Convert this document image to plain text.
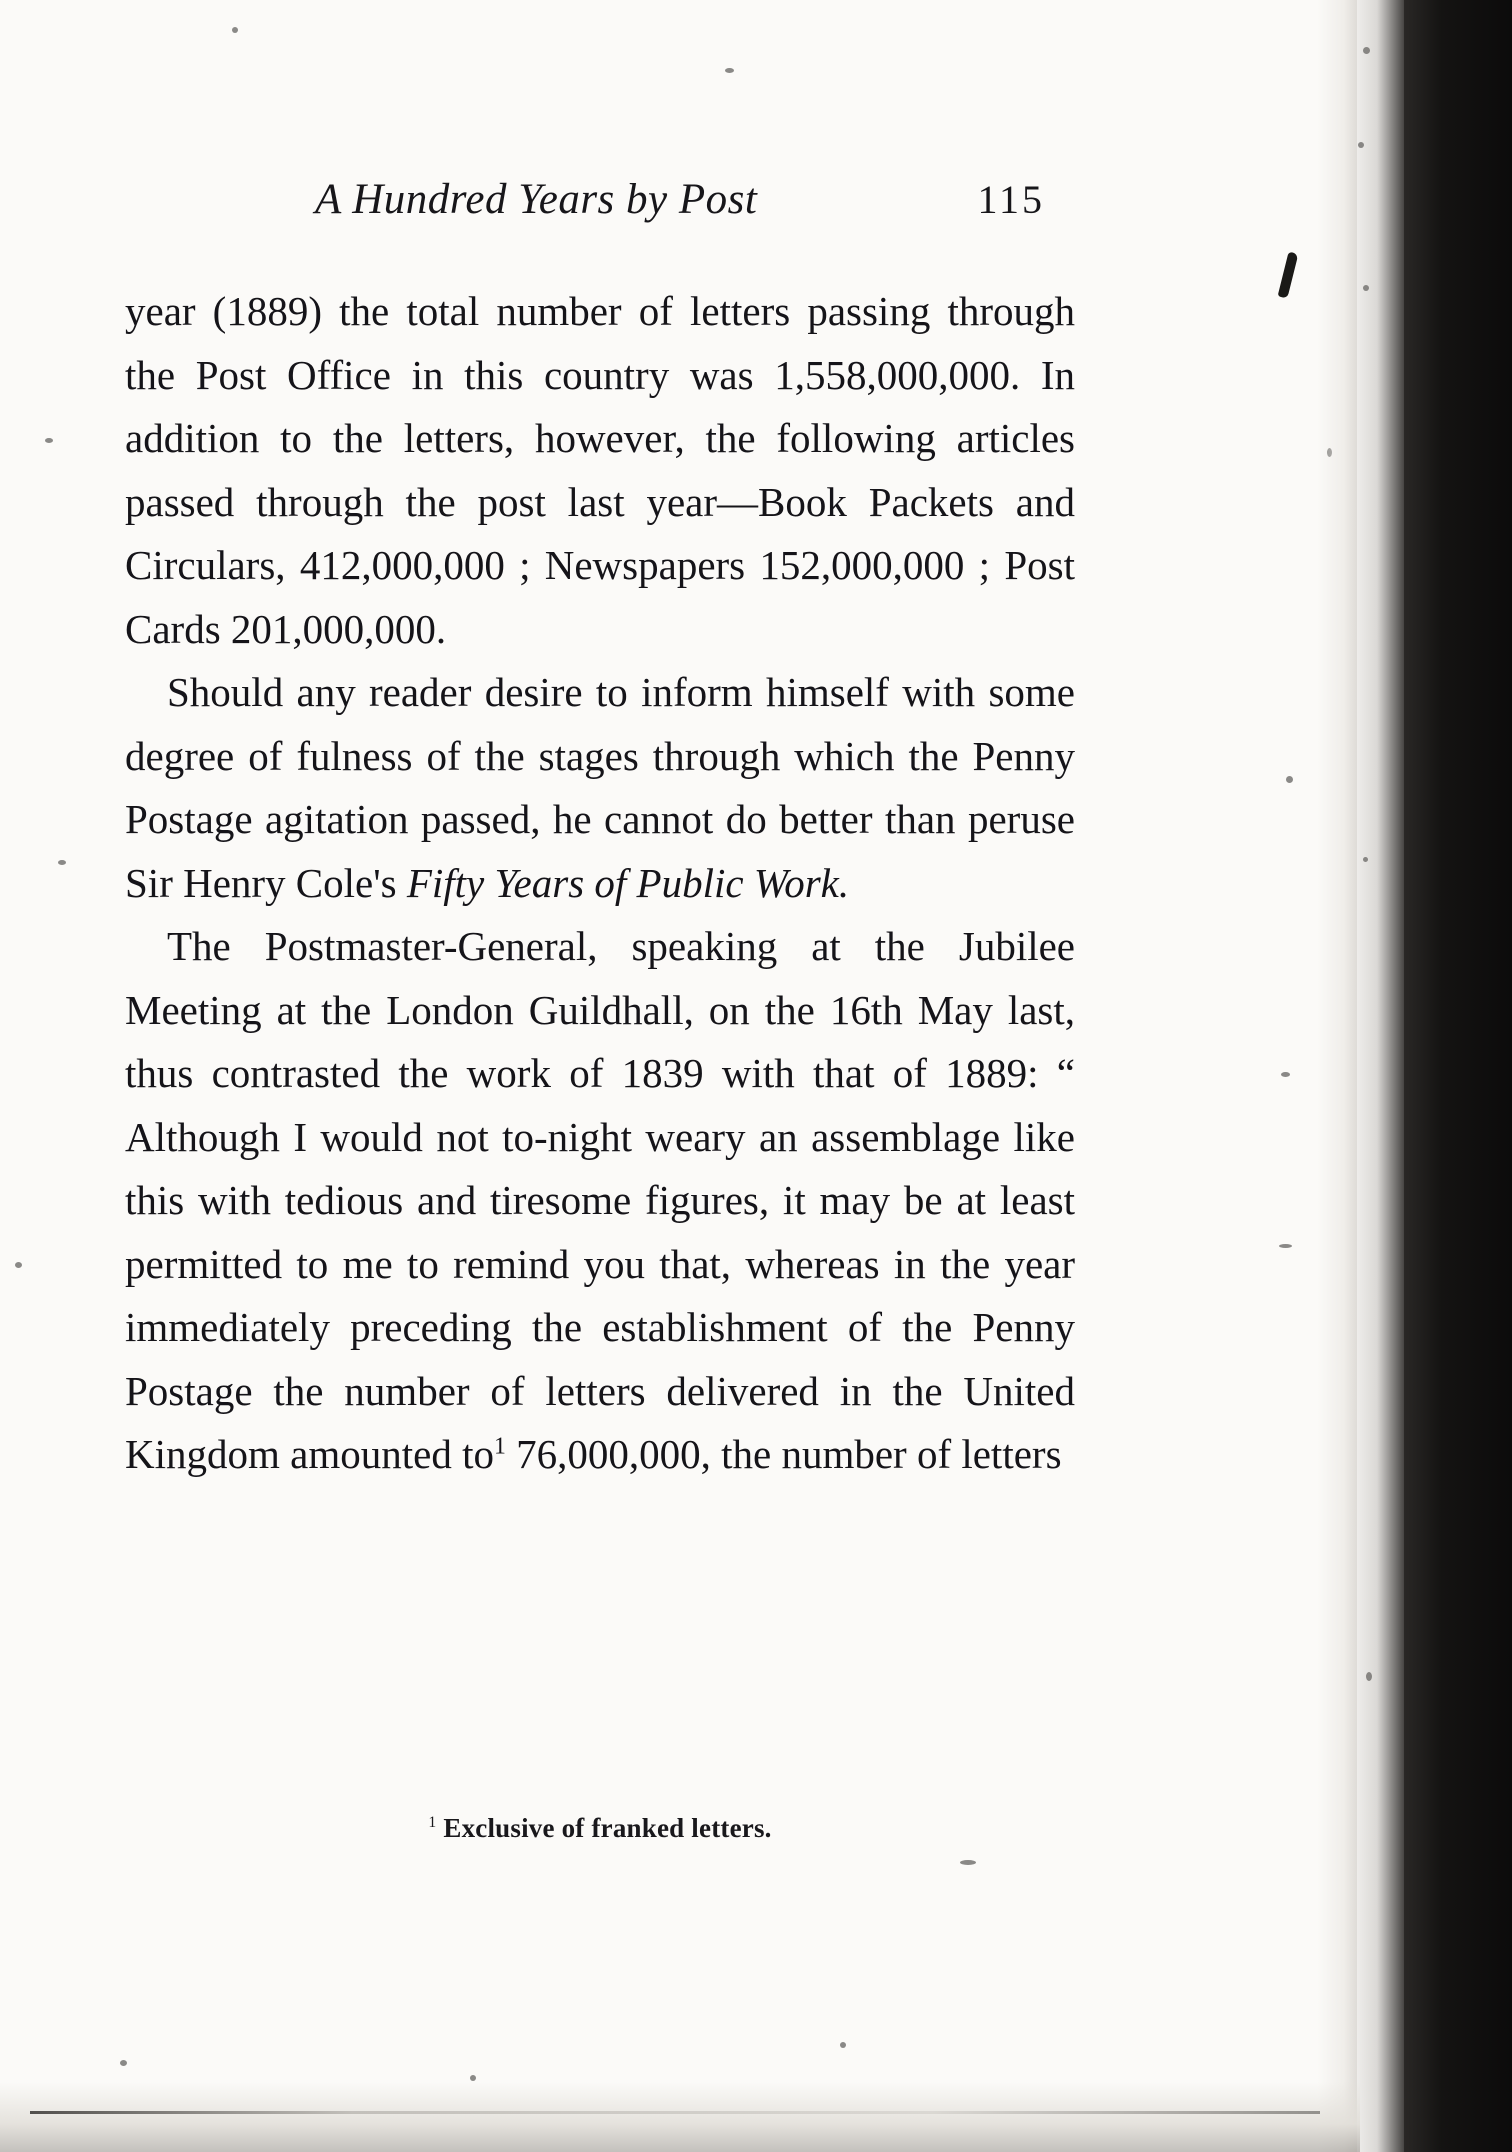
A Hundred Years by Post	115

year (1889) the total number of letters passing through the Post Office in this country was 1,558,000,000. In addition to the letters, however, the following articles passed through the post last year—Book Packets and Circulars, 412,000,000 ; Newspapers 152,000,000 ; Post Cards 201,000,000.

Should any reader desire to inform himself with some degree of fulness of the stages through which the Penny Postage agitation passed, he cannot do better than peruse Sir Henry Cole's Fifty Years of Public Work.

The Postmaster-General, speaking at the Jubilee Meeting at the London Guildhall, on the 16th May last, thus contrasted the work of 1839 with that of 1889: “ Although I would not to-night weary an assemblage like this with tedious and tiresome figures, it may be at least permitted to me to remind you that, whereas in the year immediately preceding the establishment of the Penny Postage the number of letters delivered in the United Kingdom amounted $to^1$ 76,000,000, the number of letters

$^1$ Exclusive of franked letters.
